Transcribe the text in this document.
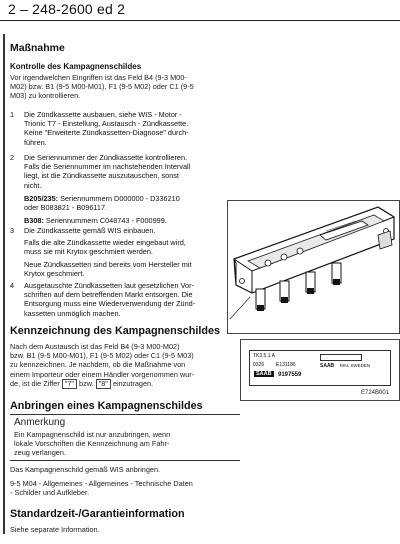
2 – 248-2600 ed 2
Maßnahme
Kontrolle des Kampagnenschildes
Vor irgendwelchen Eingriffen ist das Feld B4 (9-3 M00-
M02) bzw. B1 (9-5 M00-M01), F1 (9-5 M02) oder C1 (9-5
M03) zu kontrollieren.
1 Die Zündkassette ausbauen, siehe WIS - Motor -
Trionic T7 - Einstellung, Austausch - Zündkassette.
Keine "Erweiterte Zündkassetten-Diagnose" durch-
führen.
2 Die Seriennummer der Zündkassette kontrollieren.
Falls die Seriennummer im nachstehenden Intervall
liegt, ist die Zündkassette auszutauschen, sonst
nicht.
B205/235: Seriennummern D000000 - D336210
oder B083821 - B096117.
B308: Seriennummern C048743 - F000999.
3 Die Zündkassette gemäß WIS einbauen.
Falls die alte Zündkassette wieder eingebaut wird,
muss sie mit Krytox geschmiert werden.
Neue Zündkassetten sind bereits vom Hersteller mit
Krytox geschmiert.
4 Ausgetauschte Zündkassetten laut gesetzlichen Vor-
schriften auf dem betreffenden Markt entsorgen. Die
Entsorgung muss eine Wiederverwendung der Zünd-
kassetten unmöglich machen.
Kennzeichnung des Kampagnenschildes
Nach dem Austausch ist das Feld B4 (9-3 M00-M02)
bzw. B1 (9-5 M00-M01), F1 (9-5 M02) oder C1 (9-5 M03)
zu kennzeichnen. Je nachdem, ob die Maßnahme von
einem Importeur oder einem Händler vorgenommen wur-
de, ist die Ziffer "7" bzw. "8" einzutragen.
TK3.5.1 A
0326 E131186
SAAB	9197559
SAAB MAL SWEDEN
E724B001
Anbringen eines Kampagnenschildes
Anmerkung
Ein Kampagnenschild ist nur anzubringen, wenn
lokale Vorschriften die Kennzeichnung am Fahr-
zeug verlangen.
Das Kampagnenschild gemäß WIS anbringen.
9-5 M04 - Allgemeines - Allgemeines - Technische Daten
- Schilder und Aufkleber.
Standardzeit-/Garantieinformation
Siehe separate Information.
